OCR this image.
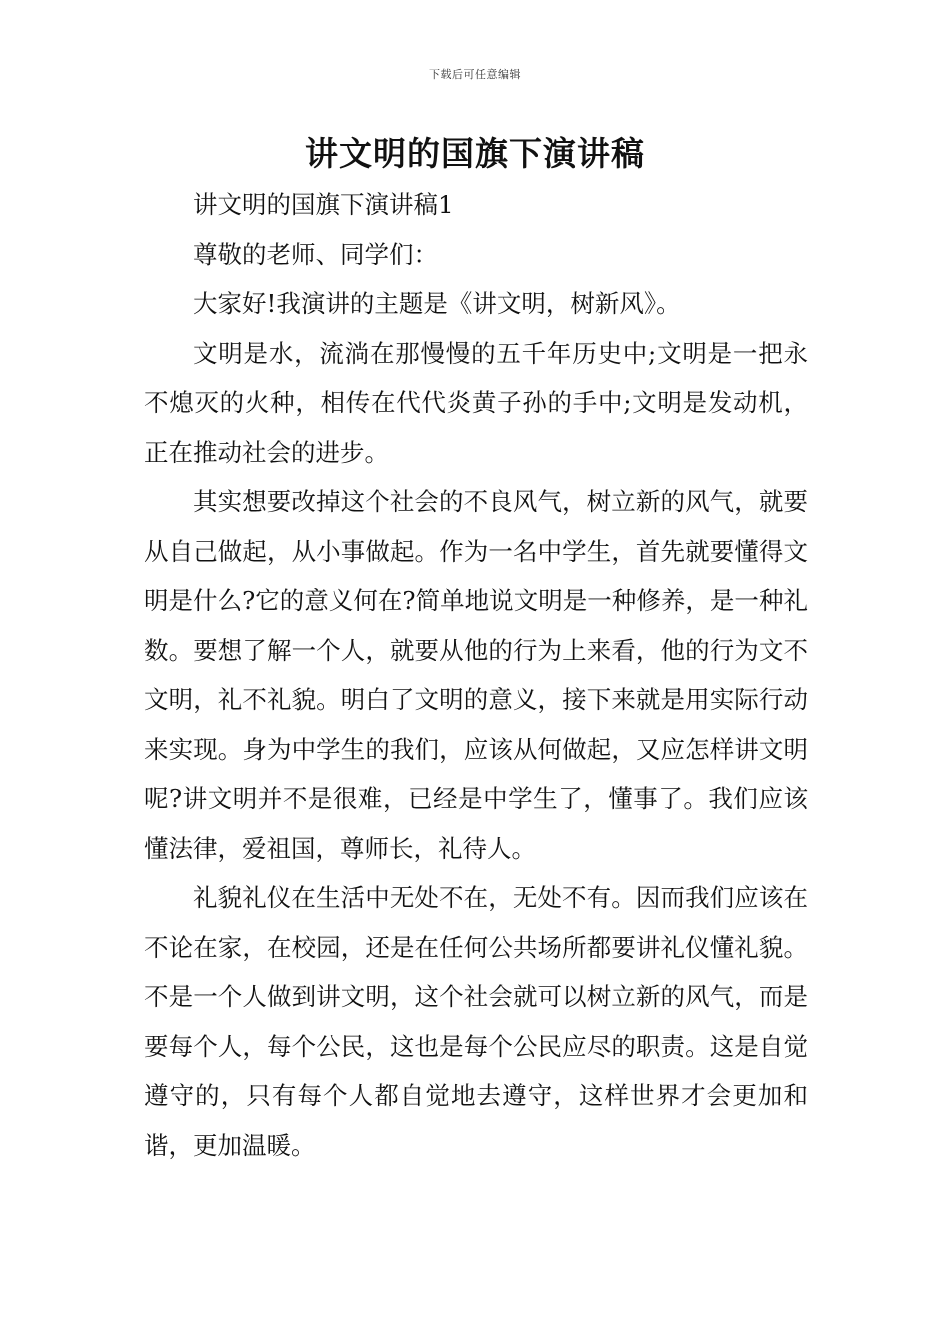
下载后可任意编辑
讲文明的国旗下演讲稿

讲文明的国旗下演讲稿1

尊敬的老师、同学们：

大家好!我演讲的主题是《讲文明，树新风》。

文明是水，流淌在那慢慢的五千年历史中;文明是一把永不熄灭的火种，相传在代代炎黄子孙的手中;文明是发动机，正在推动社会的进步。

其实想要改掉这个社会的不良风气，树立新的风气，就要从自己做起，从小事做起。作为一名中学生，首先就要懂得文明是什么?它的意义何在?简单地说文明是一种修养，是一种礼数。要想了解一个人，就要从他的行为上来看，他的行为文不文明，礼不礼貌。明白了文明的意义，接下来就是用实际行动来实现。身为中学生的我们，应该从何做起，又应怎样讲文明呢?讲文明并不是很难，已经是中学生了，懂事了。我们应该懂法律，爱祖国，尊师长，礼待人。

礼貌礼仪在生活中无处不在，无处不有。因而我们应该在不论在家，在校园，还是在任何公共场所都要讲礼仪懂礼貌。不是一个人做到讲文明，这个社会就可以树立新的风气，而是要每个人，每个公民，这也是每个公民应尽的职责。这是自觉遵守的，只有每个人都自觉地去遵守，这样世界才会更加和谐，更加温暖。
